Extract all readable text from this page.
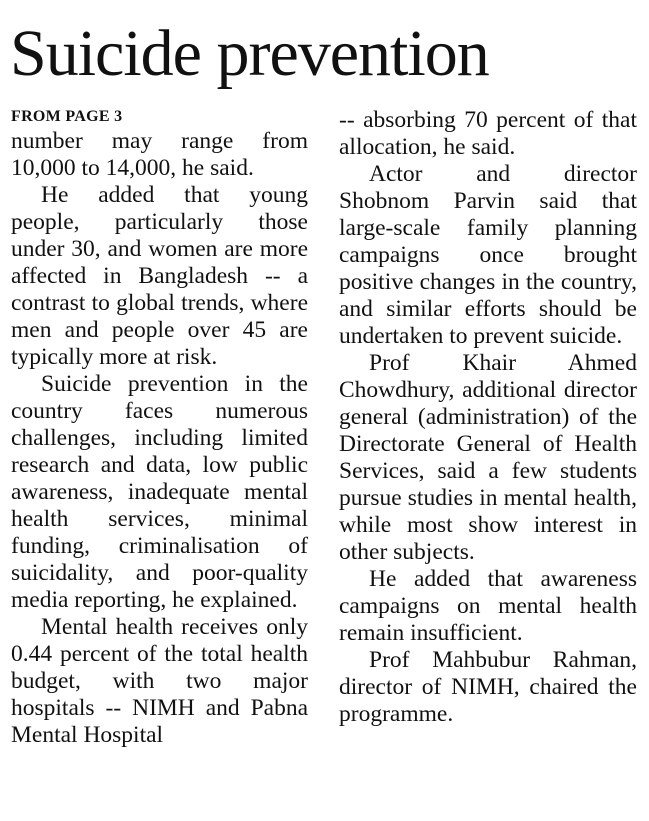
Suicide prevention
FROM PAGE 3

number may range from 10,000 to 14,000, he said.

He added that young people, particularly those under 30, and women are more affected in Bangladesh -- a contrast to global trends, where men and people over 45 are typically more at risk.

Suicide prevention in the country faces numerous challenges, including limited research and data, low public awareness, inadequate mental health services, minimal funding, criminalisation of suicidality, and poor-quality media reporting, he explained.

Mental health receives only 0.44 percent of the total health budget, with two major hospitals -- NIMH and Pabna Mental Hospital

-- absorbing 70 percent of that allocation, he said.

Actor and director Shobnom Parvin said that large-scale family planning campaigns once brought positive changes in the country, and similar efforts should be undertaken to prevent suicide.

Prof Khair Ahmed Chowdhury, additional director general (administration) of the Directorate General of Health Services, said a few students pursue studies in mental health, while most show interest in other subjects.

He added that awareness campaigns on mental health remain insufficient.

Prof Mahbubur Rahman, director of NIMH, chaired the programme.
